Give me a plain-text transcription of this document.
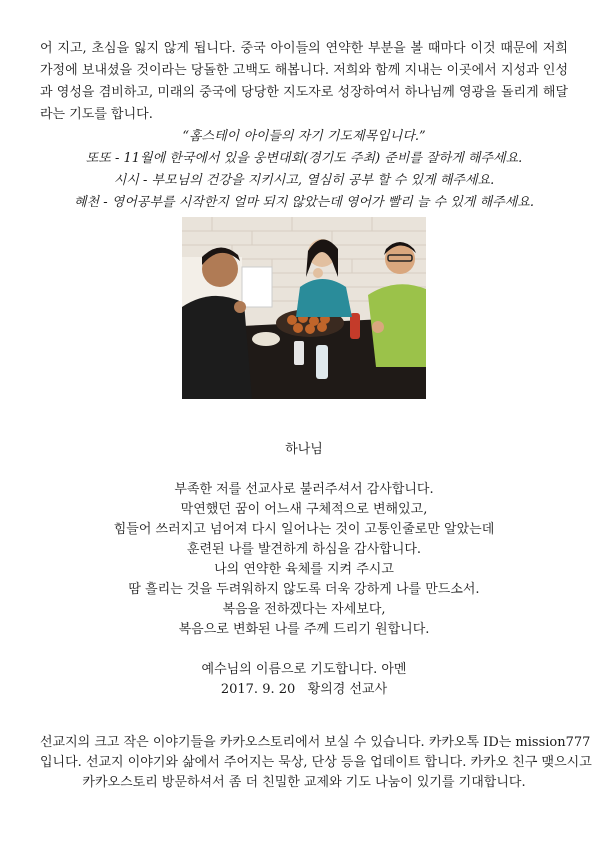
어 지고, 초심을 잃지 않게 됩니다. 중국 아이들의 연약한 부분을 볼 때마다 이것 때문에 저희 가정에 보내셨을 것이라는 당돌한 고백도 해봅니다. 저희와 함께 지내는 이곳에서 지성과 인성과 영성을 겸비하고, 미래의 중국에 당당한 지도자로 성장하여서 하나님께 영광을 돌리게 해달라는 기도를 합니다.

“홈스테이 아이들의 자기 기도제목입니다.”
또또 - 11월에 한국에서 있을 웅변대회(경기도 주최) 준비를 잘하게 해주세요.
시시 - 부모님의 건강을 지키시고, 열심히 공부 할 수 있게 해주세요.
혜천 - 영어공부를 시작한지 얼마 되지 않았는데 영어가 빨리 늘 수 있게 해주세요.
하나님
부족한 저를 선교사로 불러주셔서 감사합니다.
막연했던 꿈이 어느새 구체적으로 변해있고,
힘들어 쓰러지고 넘어져 다시 일어나는 것이 고통인줄로만 알았는데
훈련된 나를 발견하게 하심을 감사합니다.
나의 연약한 육체를 지켜 주시고
땀 흘리는 것을 두려워하지 않도록 더욱 강하게 나를 만드소서.
복음을 전하겠다는 자세보다,
복음으로 변화된 나를 주께 드리기 원합니다.
예수님의 이름으로 기도합니다. 아멘
2017. 9. 20   황의경 선교사
선교지의 크고 작은 이야기들을 카카오스토리에서 보실 수 있습니다. 카카오톡 ID는 mission777
입니다. 선교지 이야기와 삶에서 주어지는 묵상, 단상 등을 업데이트 합니다. 카카오 친구 맺으시고
카카오스토리 방문하셔서 좀 더 친밀한 교제와 기도 나눔이 있기를 기대합니다.
